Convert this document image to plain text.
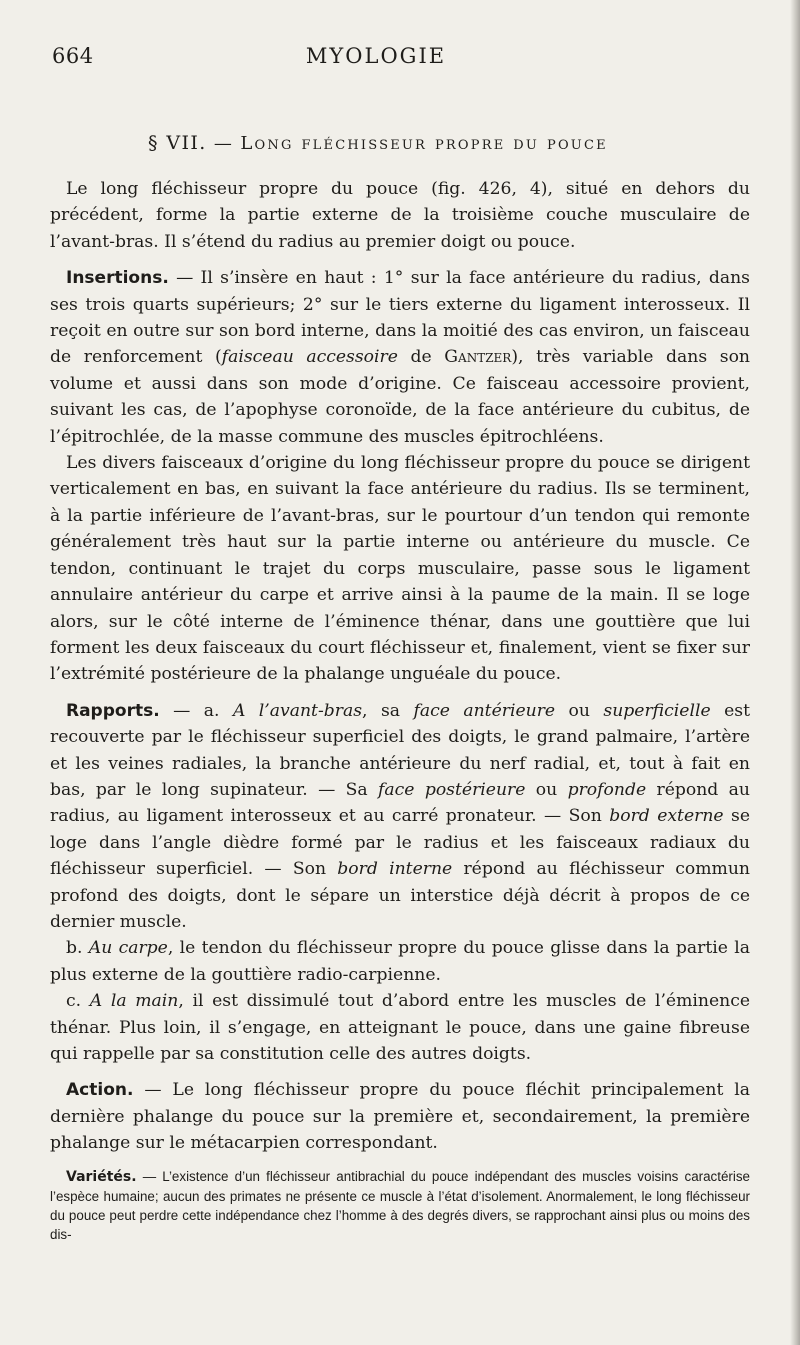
664	MYOLOGIE
§ VII. — Long fléchisseur propre du pouce

Le long fléchisseur propre du pouce (fig. 426, 4), situé en dehors du précédent, forme la partie externe de la troisième couche musculaire de l’avant-bras. Il s’étend du radius au premier doigt ou pouce.

Insertions. — Il s’insère en haut : 1° sur la face antérieure du radius, dans ses trois quarts supérieurs; 2° sur le tiers externe du ligament interosseux. Il reçoit en outre sur son bord interne, dans la moitié des cas environ, un faisceau de renforcement (faisceau accessoire de Gantzer), très variable dans son volume et aussi dans son mode d’origine. Ce faisceau accessoire provient, suivant les cas, de l’apophyse coronoïde, de la face antérieure du cubitus, de l’épitrochlée, de la masse commune des muscles épitrochléens.

Les divers faisceaux d’origine du long fléchisseur propre du pouce se dirigent verticalement en bas, en suivant la face antérieure du radius. Ils se terminent, à la partie inférieure de l’avant-bras, sur le pourtour d’un tendon qui remonte généralement très haut sur la partie interne ou antérieure du muscle. Ce tendon, continuant le trajet du corps musculaire, passe sous le ligament annulaire antérieur du carpe et arrive ainsi à la paume de la main. Il se loge alors, sur le côté interne de l’éminence thénar, dans une gouttière que lui forment les deux faisceaux du court fléchisseur et, finalement, vient se fixer sur l’extrémité postérieure de la phalange unguéale du pouce.

Rapports. — a. A l’avant-bras, sa face antérieure ou superficielle est recouverte par le fléchisseur superficiel des doigts, le grand palmaire, l’artère et les veines radiales, la branche antérieure du nerf radial, et, tout à fait en bas, par le long supinateur. — Sa face postérieure ou profonde répond au radius, au ligament interosseux et au carré pronateur. — Son bord externe se loge dans l’angle dièdre formé par le radius et les faisceaux radiaux du fléchisseur superficiel. — Son bord interne répond au fléchisseur commun profond des doigts, dont le sépare un interstice déjà décrit à propos de ce dernier muscle.

b. Au carpe, le tendon du fléchisseur propre du pouce glisse dans la partie la plus externe de la gouttière radio-carpienne.

c. A la main, il est dissimulé tout d’abord entre les muscles de l’éminence thénar. Plus loin, il s’engage, en atteignant le pouce, dans une gaine fibreuse qui rappelle par sa constitution celle des autres doigts.

Action. — Le long fléchisseur propre du pouce fléchit principalement la dernière phalange du pouce sur la première et, secondairement, la première phalange sur le métacarpien correspondant.

Variétés. — L’existence d’un fléchisseur antibrachial du pouce indépendant des muscles voisins caractérise l’espèce humaine; aucun des primates ne présente ce muscle à l’état d’isolement. Anormalement, le long fléchisseur du pouce peut perdre cette indépendance chez l’homme à des degrés divers, se rapprochant ainsi plus ou moins des dis-
